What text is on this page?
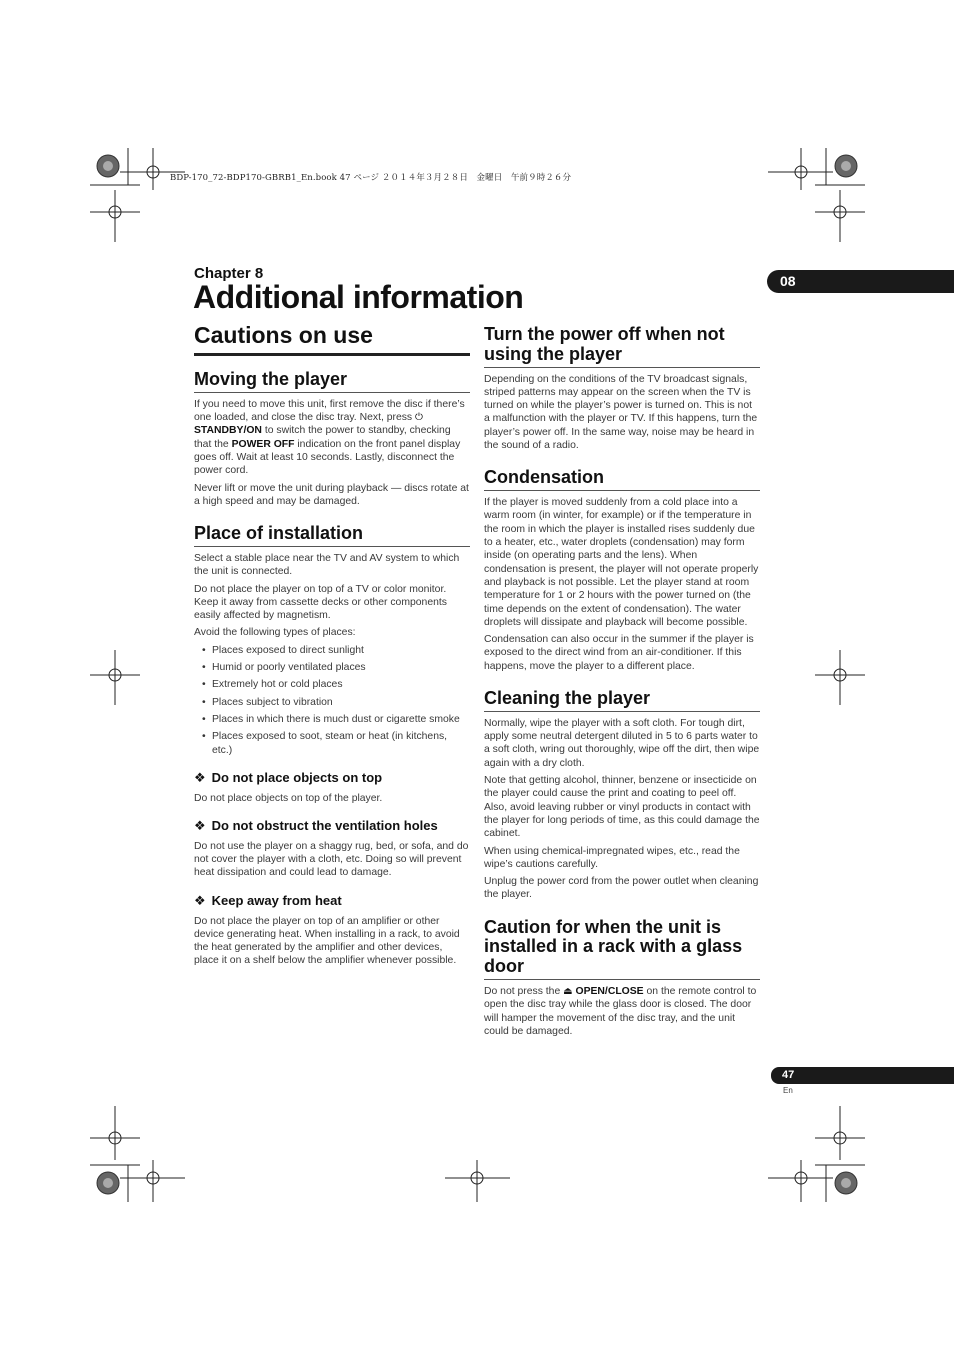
BDP-170_72-BDP170-GBRB1_En.book 47 ページ ２０１４年３月２８日　金曜日　午前９時２６分
Chapter 8
Additional information	08
Cautions on use
Moving the player

If you need to move this unit, first remove the disc if there’s one loaded, and close the disc tray. Next, press ⏻ STANDBY/ON to switch the power to standby, checking that the POWER OFF indication on the front panel display goes off. Wait at least 10 seconds. Lastly, disconnect the power cord.

Never lift or move the unit during playback — discs rotate at a high speed and may be damaged.

Place of installation

Select a stable place near the TV and AV system to which the unit is connected.

Do not place the player on top of a TV or color monitor. Keep it away from cassette decks or other components easily affected by magnetism.

Avoid the following types of places:

• Places exposed to direct sunlight
• Humid or poorly ventilated places
• Extremely hot or cold places
• Places subject to vibration
• Places in which there is much dust or cigarette smoke
• Places exposed to soot, steam or heat (in kitchens, etc.)
❖ Do not place objects on top

Do not place objects on top of the player.

❖ Do not obstruct the ventilation holes

Do not use the player on a shaggy rug, bed, or sofa, and do not cover the player with a cloth, etc. Doing so will prevent heat dissipation and could lead to damage.

❖ Keep away from heat

Do not place the player on top of an amplifier or other device generating heat. When installing in a rack, to avoid the heat generated by the amplifier and other devices, place it on a shelf below the amplifier whenever possible.

Turn the power off when not using the player

Depending on the conditions of the TV broadcast signals, striped patterns may appear on the screen when the TV is turned on while the player’s power is turned on. This is not a malfunction with the player or TV. If this happens, turn the player’s power off. In the same way, noise may be heard in the sound of a radio.

Condensation

If the player is moved suddenly from a cold place into a warm room (in winter, for example) or if the temperature in the room in which the player is installed rises suddenly due to a heater, etc., water droplets (condensation) may form inside (on operating parts and the lens). When condensation is present, the player will not operate properly and playback is not possible. Let the player stand at room temperature for 1 or 2 hours with the power turned on (the time depends on the extent of condensation). The water droplets will dissipate and playback will become possible.

Condensation can also occur in the summer if the player is exposed to the direct wind from an air-conditioner. If this happens, move the player to a different place.

Cleaning the player

Normally, wipe the player with a soft cloth. For tough dirt, apply some neutral detergent diluted in 5 to 6 parts water to a soft cloth, wring out thoroughly, wipe off the dirt, then wipe again with a dry cloth.

Note that getting alcohol, thinner, benzene or insecticide on the player could cause the print and coating to peel off. Also, avoid leaving rubber or vinyl products in contact with the player for long periods of time, as this could damage the cabinet.

When using chemical-impregnated wipes, etc., read the wipe’s cautions carefully.

Unplug the power cord from the power outlet when cleaning the player.

Caution for when the unit is installed in a rack with a glass door

Do not press the ⏏ OPEN/CLOSE on the remote control to open the disc tray while the glass door is closed. The door will hamper the movement of the disc tray, and the unit could be damaged.

47
En
